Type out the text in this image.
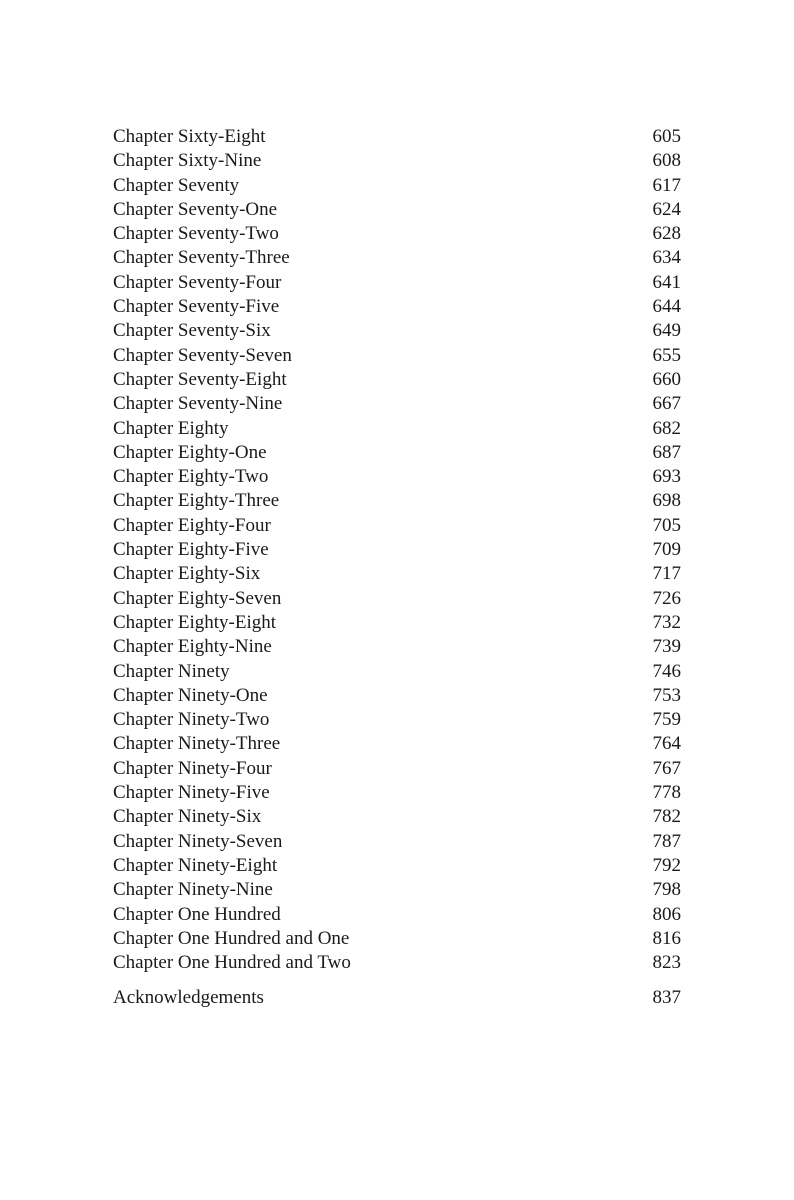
Chapter Sixty-Eight	605
Chapter Sixty-Nine	608
Chapter Seventy	617
Chapter Seventy-One	624
Chapter Seventy-Two	628
Chapter Seventy-Three	634
Chapter Seventy-Four	641
Chapter Seventy-Five	644
Chapter Seventy-Six	649
Chapter Seventy-Seven	655
Chapter Seventy-Eight	660
Chapter Seventy-Nine	667
Chapter Eighty	682
Chapter Eighty-One	687
Chapter Eighty-Two	693
Chapter Eighty-Three	698
Chapter Eighty-Four	705
Chapter Eighty-Five	709
Chapter Eighty-Six	717
Chapter Eighty-Seven	726
Chapter Eighty-Eight	732
Chapter Eighty-Nine	739
Chapter Ninety	746
Chapter Ninety-One	753
Chapter Ninety-Two	759
Chapter Ninety-Three	764
Chapter Ninety-Four	767
Chapter Ninety-Five	778
Chapter Ninety-Six	782
Chapter Ninety-Seven	787
Chapter Ninety-Eight	792
Chapter Ninety-Nine	798
Chapter One Hundred	806
Chapter One Hundred and One	816
Chapter One Hundred and Two	823
Acknowledgements	837
